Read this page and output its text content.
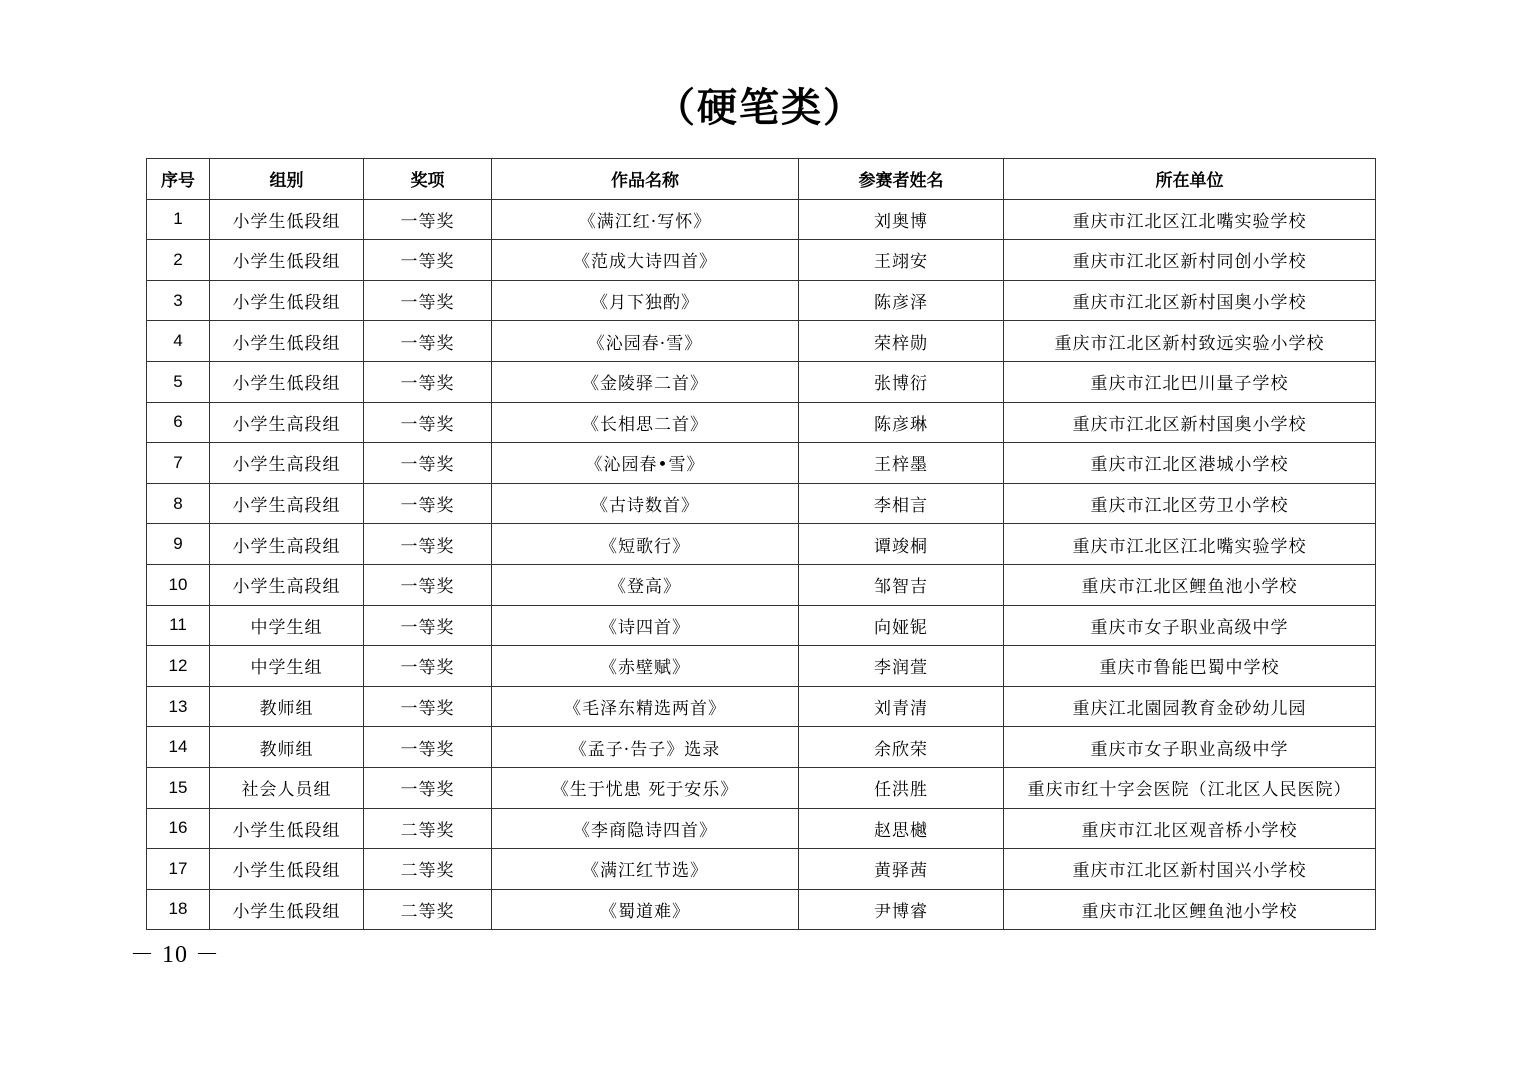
（硬笔类）
序号	组别	奖项	作品名称	参赛者姓名	所在单位
1	小学生低段组	一等奖	《满江红·写怀》	刘奥博	重庆市江北区江北嘴实验学校
2	小学生低段组	一等奖	《范成大诗四首》	王翊安	重庆市江北区新村同创小学校
3	小学生低段组	一等奖	《月下独酌》	陈彦泽	重庆市江北区新村国奥小学校
4	小学生低段组	一等奖	《沁园春·雪》	荣梓勋	重庆市江北区新村致远实验小学校
5	小学生低段组	一等奖	《金陵驿二首》	张博衍	重庆市江北巴川量子学校
6	小学生高段组	一等奖	《长相思二首》	陈彦琳	重庆市江北区新村国奥小学校
7	小学生高段组	一等奖	《沁园春•雪》	王梓墨	重庆市江北区港城小学校
8	小学生高段组	一等奖	《古诗数首》	李相言	重庆市江北区劳卫小学校
9	小学生高段组	一等奖	《短歌行》	谭竣桐	重庆市江北区江北嘴实验学校
10	小学生高段组	一等奖	《登高》	邹智吉	重庆市江北区鲤鱼池小学校
11	中学生组	一等奖	《诗四首》	向娅铌	重庆市女子职业高级中学
12	中学生组	一等奖	《赤壁赋》	李润萱	重庆市鲁能巴蜀中学校
13	教师组	一等奖	《毛泽东精选两首》	刘青清	重庆江北園园教育金砂幼儿园
14	教师组	一等奖	《孟子·告子》选录	余欣荣	重庆市女子职业高级中学
15	社会人员组	一等奖	《生于忧患 死于安乐》	任洪胜	重庆市红十字会医院（江北区人民医院）
16	小学生低段组	二等奖	《李商隐诗四首》	赵思樾	重庆市江北区观音桥小学校
17	小学生低段组	二等奖	《满江红节选》	黄驿茜	重庆市江北区新村国兴小学校
18	小学生低段组	二等奖	《蜀道难》	尹博睿	重庆市江北区鲤鱼池小学校
－ 10 －
